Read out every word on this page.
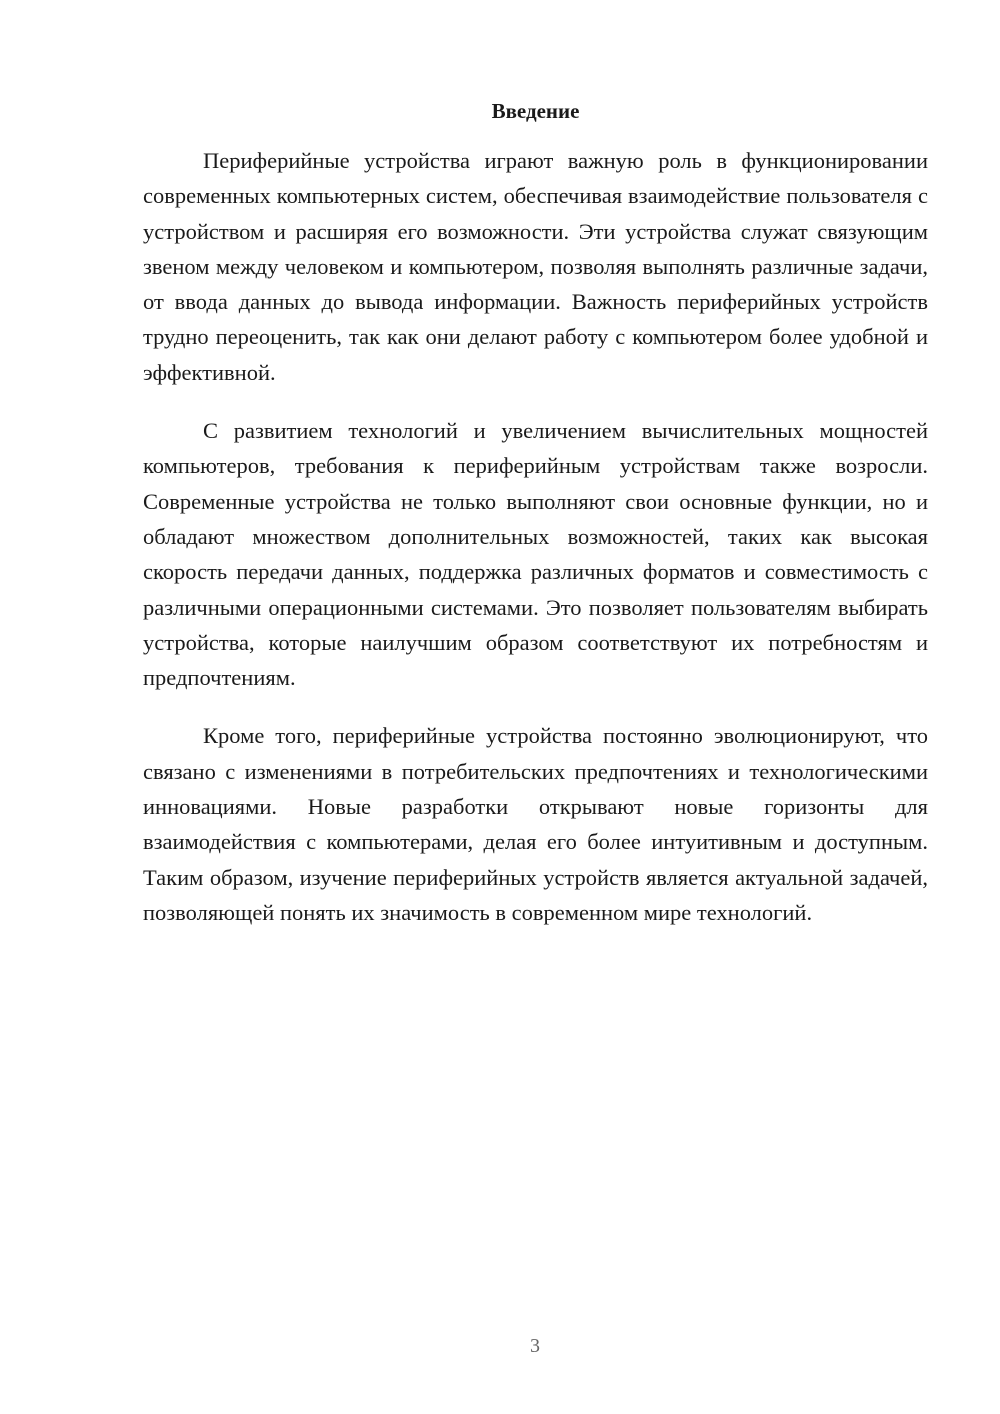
Введение

Периферийные устройства играют важную роль в функционировании современных компьютерных систем, обеспечивая взаимодействие пользователя с устройством и расширяя его возможности. Эти устройства служат связующим звеном между человеком и компьютером, позволяя выполнять различные задачи, от ввода данных до вывода информации. Важность периферийных устройств трудно переоценить, так как они делают работу с компьютером более удобной и эффективной.

С развитием технологий и увеличением вычислительных мощностей компьютеров, требования к периферийным устройствам также возросли. Современные устройства не только выполняют свои основные функции, но и обладают множеством дополнительных возможностей, таких как высокая скорость передачи данных, поддержка различных форматов и совместимость с различными операционными системами. Это позволяет пользователям выбирать устройства, которые наилучшим образом соответствуют их потребностям и предпочтениям.

Кроме того, периферийные устройства постоянно эволюционируют, что связано с изменениями в потребительских предпочтениях и технологическими инновациями. Новые разработки открывают новые горизонты для взаимодействия с компьютерами, делая его более интуитивным и доступным. Таким образом, изучение периферийных устройств является актуальной задачей, позволяющей понять их значимость в современном мире технологий.

3
